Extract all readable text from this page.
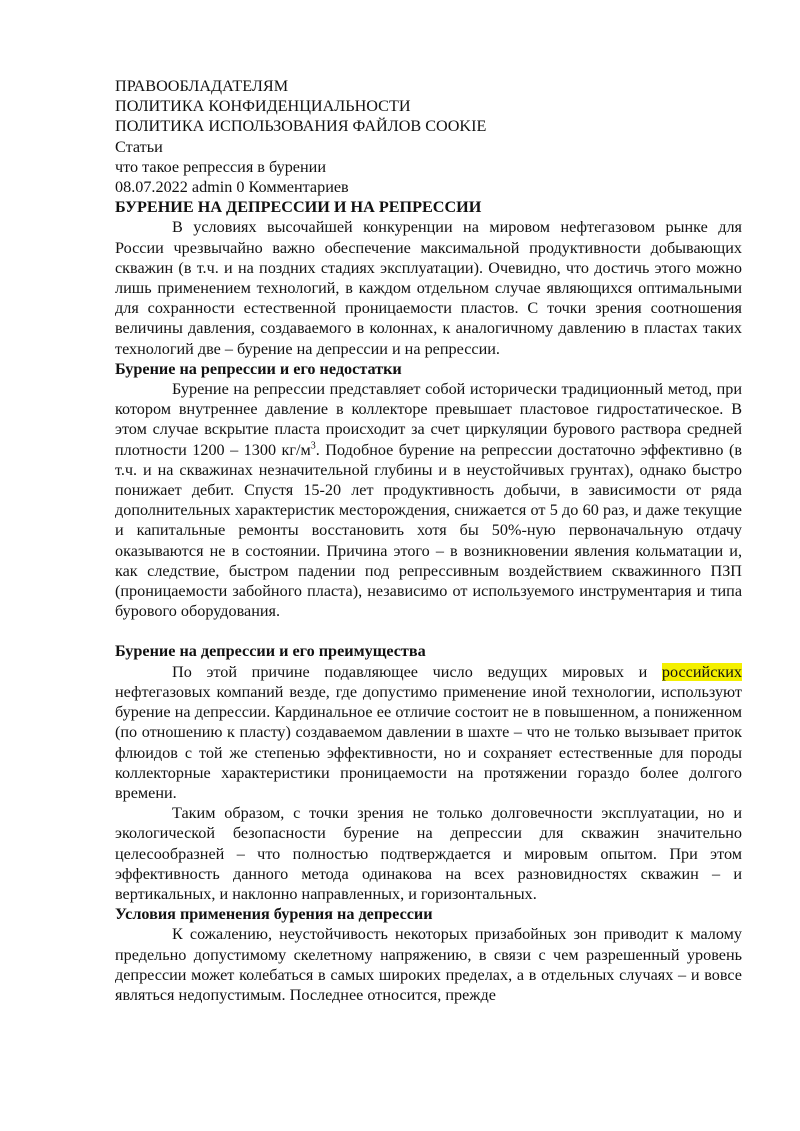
ПРАВООБЛАДАТЕЛЯМ
ПОЛИТИКА КОНФИДЕНЦИАЛЬНОСТИ
ПОЛИТИКА ИСПОЛЬЗОВАНИЯ ФАЙЛОВ COOKIE
Статьи
что такое репрессия в бурении
08.07.2022 admin 0 Комментариев
БУРЕНИЕ НА ДЕПРЕССИИ И НА РЕПРЕССИИ

В условиях высочайшей конкуренции на мировом нефтегазовом рынке для России чрезвычайно важно обеспечение максимальной продуктивности добывающих скважин (в т.ч. и на поздних стадиях эксплуатации). Очевидно, что достичь этого можно лишь применением технологий, в каждом отдельном случае являющихся оптимальными для сохранности естественной проницаемости пластов. С точки зрения соотношения величины давления, создаваемого в колоннах, к аналогичному давлению в пластах таких технологий две – бурение на депрессии и на репрессии.

Бурение на репрессии и его недостатки

Бурение на репрессии представляет собой исторически традиционный метод, при котором внутреннее давление в коллекторе превышает пластовое гидростатическое. В этом случае вскрытие пласта происходит за счет циркуляции бурового раствора средней плотности 1200 – 1300 $кг/м^3$. Подобное бурение на репрессии достаточно эффективно (в т.ч. и на скважинах незначительной глубины и в неустойчивых грунтах), однако быстро понижает дебит. Спустя 15-20 лет продуктивность добычи, в зависимости от ряда дополнительных характеристик месторождения, снижается от 5 до 60 раз, и даже текущие и капитальные ремонты восстановить хотя бы 50%-ную первоначальную отдачу оказываются не в состоянии. Причина этого – в возникновении явления кольматации и, как следствие, быстром падении под репрессивным воздействием скважинного ПЗП (проницаемости забойного пласта), независимо от используемого инструментария и типа бурового оборудования.

Бурение на депрессии и его преимущества

По этой причине подавляющее число ведущих мировых и российских нефтегазовых компаний везде, где допустимо применение иной технологии, используют бурение на депрессии. Кардинальное ее отличие состоит не в повышенном, а пониженном (по отношению к пласту) создаваемом давлении в шахте – что не только вызывает приток флюидов с той же степенью эффективности, но и сохраняет естественные для породы коллекторные характеристики проницаемости на протяжении гораздо более долгого времени.

Таким образом, с точки зрения не только долговечности эксплуатации, но и экологической безопасности бурение на депрессии для скважин значительно целесообразней – что полностью подтверждается и мировым опытом. При этом эффективность данного метода одинакова на всех разновидностях скважин – и вертикальных, и наклонно направленных, и горизонтальных.

Условия применения бурения на депрессии

К сожалению, неустойчивость некоторых призабойных зон приводит к малому предельно допустимому скелетному напряжению, в связи с чем разрешенный уровень депрессии может колебаться в самых широких пределах, а в отдельных случаях – и вовсе являться недопустимым. Последнее относится, прежде
